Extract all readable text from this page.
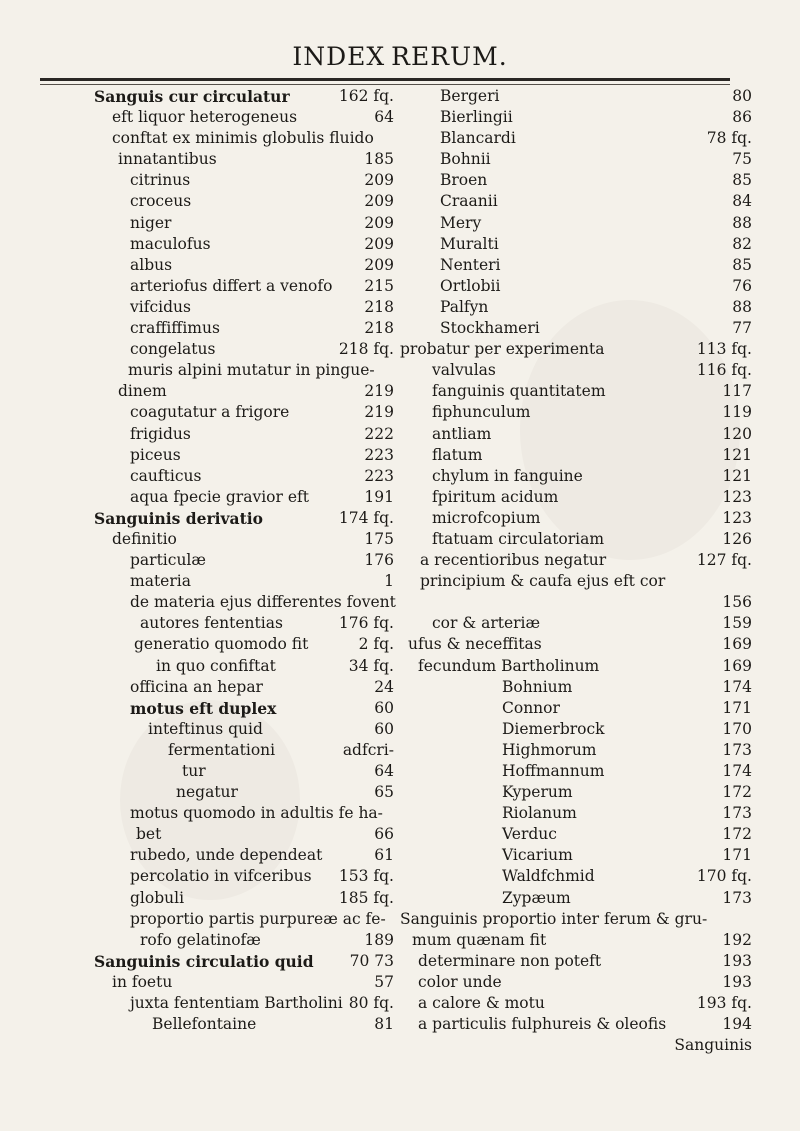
INDEX RERUM.
Sanguis cur circulatur	162 fq.
eft liquor heterogeneus	64
conftat ex minimis globulis fluido
innatantibus	185
citrinus	209
croceus	209
niger	209
maculofus	209
albus	209
arteriofus differt a venofo 215
vifcidus	218
craffiffimus	218
congelatus	218 fq.
muris alpini mutatur in pingue-
dinem	219
coagutatur a frigore	219
frigidus	222
piceus	223
caufticus	223
aqua fpecie gravior eft	191
Sanguinis derivatio	174 fq.
definitio	175
particulæ	176
materia	1
de materia ejus differentes fovent
autores fententias	176 fq.
generatio quomodo fit	2 fq.
in quo confiftat	34 fq.
officina an hepar	24
motus eft duplex	60
inteftinus quid	60
fermentationi	adfcri-
tur	64
negatur	65
motus quomodo in adultis fe ha-
bet	66
rubedo, unde dependeat	61
percolatio in vifceribus 153 fq.
globuli	185 fq.
proportio partis purpureæ ac fe-
rofo gelatinofæ	189
Sanguinis circulatio quid 70 73
in foetu	57
juxta fententiam Bartholini 80 fq.
Bellefontaine	81
Bergeri	80
Bierlingii	86
Blancardi	78 fq.
Bohnii	75
Broen	85
Craanii	84
Mery	88
Muralti	82
Nenteri	85
Ortlobii	76
Palfyn	88
Stockhameri	77
probatur per experimenta	113 fq.
valvulas	116 fq.
fanguinis quantitatem	117
fiphunculum	119
antliam	120
flatum	121
chylum in fanguine	121
fpiritum acidum	123
microfcopium	123
ftatuam circulatoriam	126
a recentioribus negatur	127 fq.
principium & caufa ejus eft cor
156
cor & arteriæ	159
ufus & neceffitas	169
fecundum Bartholinum	169
Bohnium	174
Connor	171
Diemerbrock	170
Highmorum	173
Hoffmannum	174
Kyperum	172
Riolanum	173
Verduc	172
Vicarium	171
Waldfchmid	170 fq.
Zypæum	173
Sanguinis proportio inter ferum & gru-
mum quænam fit	192
determinare non poteft	193
color unde	193
a calore & motu	193 fq.
a particulis fulphureis & oleofis	194
Sanguinis
